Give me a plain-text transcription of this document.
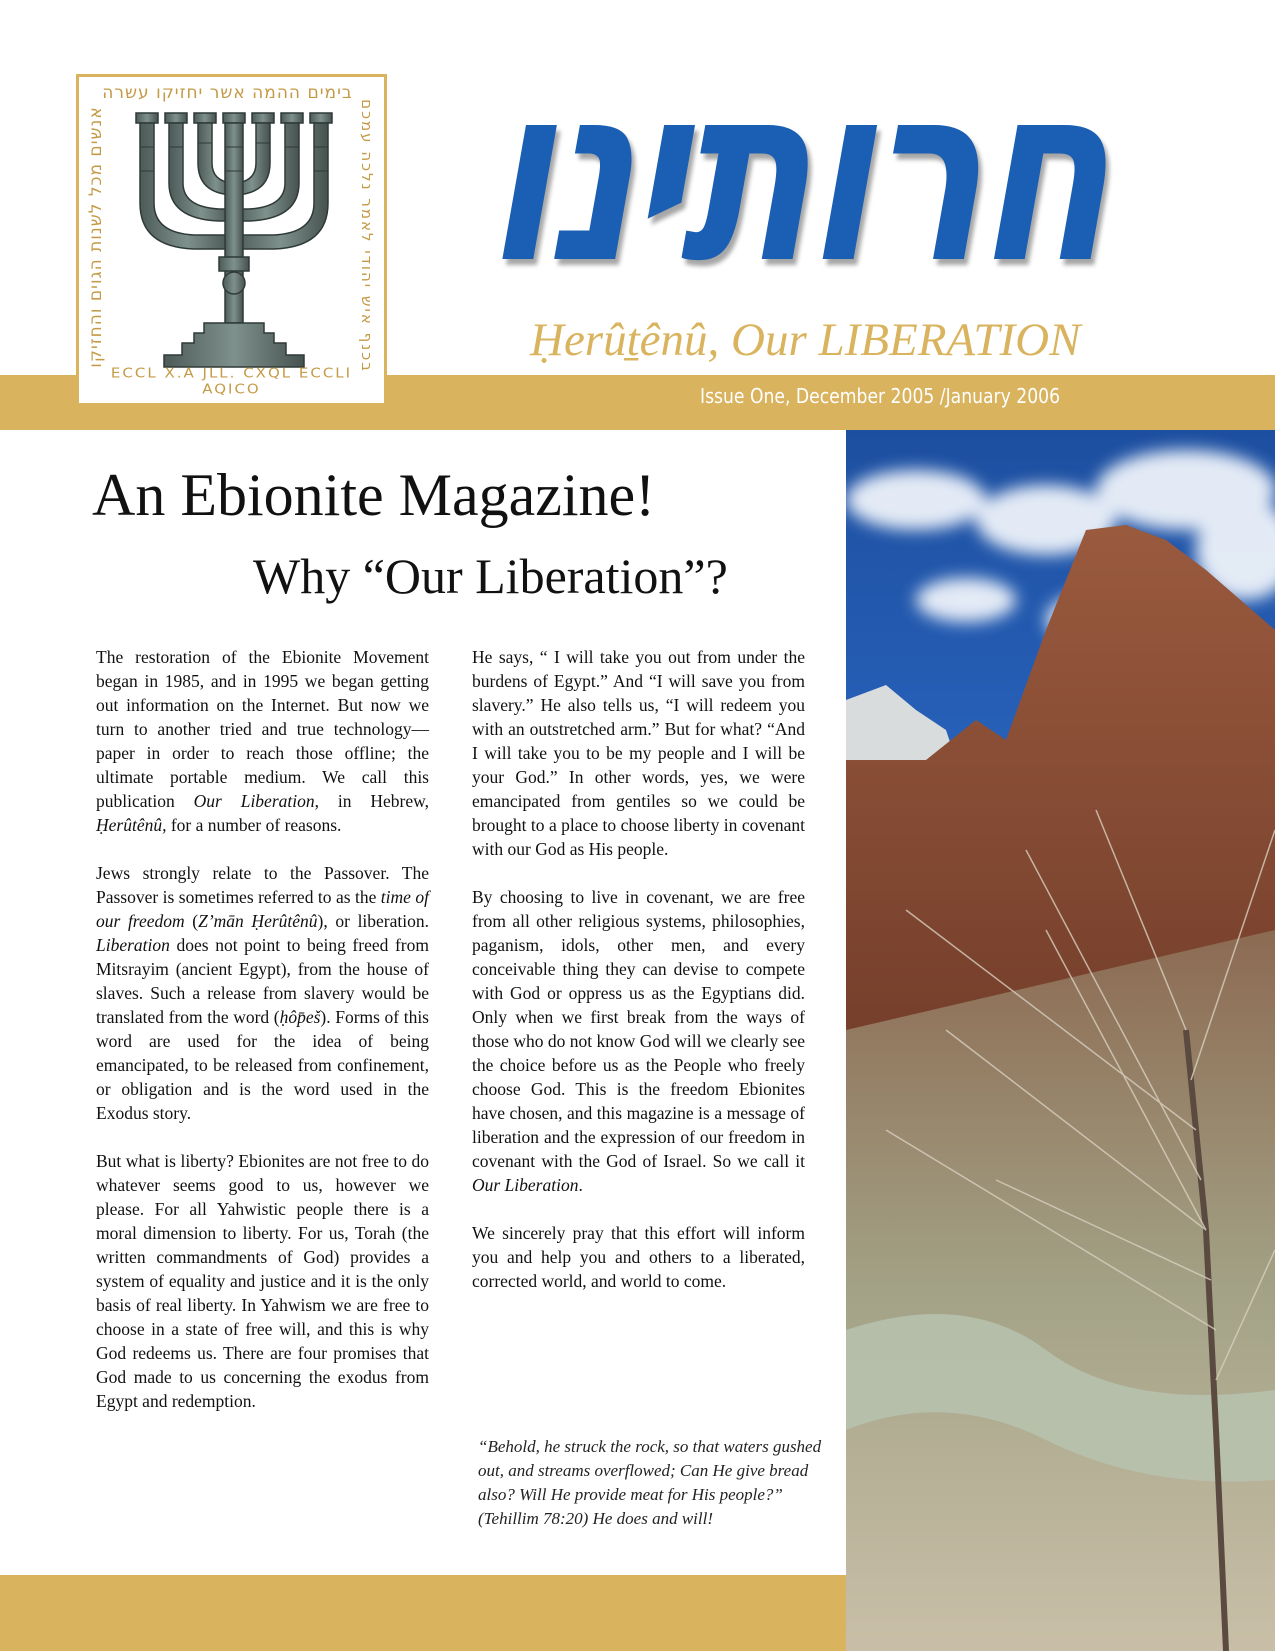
בימים ההמה אשר יחזיקו עשרה
אנשים מכל לשנות הגוים והחזיקו	בכנף איש יהודי לאמר נלכה עמכם
ECCL X.A JLL. CXQL ECCLI AQICO
חרותינו
Ḥerûṯênû, Our LIBERATION
Issue One, December 2005 /January 2006
An Ebionite Magazine!
Why “Our Liberation”?

The restoration of the Ebionite Movement began in 1985, and in 1995 we began getting out information on the Internet. But now we turn to another tried and true technology—paper in order to reach those offline; the ultimate portable medium. We call this publication Our Liberation, in Hebrew, Ḥerûtênû, for a number of reasons.

Jews strongly relate to the Passover. The Passover is sometimes referred to as the time of our freedom (Z’mān Ḥerûtênû), or liberation. Liberation does not point to being freed from Mitsrayim (ancient Egypt), from the house of slaves. Such a release from slavery would be translated from the word (ḥôp̄eš). Forms of this word are used for the idea of being emancipated, to be released from confinement, or obligation and is the word used in the Exodus story.

But what is liberty? Ebionites are not free to do whatever seems good to us, however we please. For all Yahwistic people there is a moral dimension to liberty. For us, Torah (the written commandments of God) provides a system of equality and justice and it is the only basis of real liberty. In Yahwism we are free to choose in a state of free will, and this is why God redeems us. There are four promises that God made to us concerning the exodus from Egypt and redemption.

He says, “ I will take you out from under the burdens of Egypt.” And “I will save you from slavery.” He also tells us, “I will redeem you with an outstretched arm.” But for what? “And I will take you to be my people and I will be your God.” In other words, yes, we were emancipated from gentiles so we could be brought to a place to choose liberty in covenant with our God as His people.

By choosing to live in covenant, we are free from all other religious systems, philosophies, paganism, idols, other men, and every conceivable thing they can devise to compete with God or oppress us as the Egyptians did. Only when we first break from the ways of those who do not know God will we clearly see the choice before us as the People who freely choose God. This is the freedom Ebionites have chosen, and this magazine is a message of liberation and the expression of our freedom in covenant with the God of Israel. So we call it Our Liberation.

We sincerely pray that this effort will inform you and help you and others to a liberated, corrected world, and world to come.

“Behold, he struck the rock, so that waters gushed out, and streams overflowed; Can He give bread also? Will He provide meat for His people?” (Tehillim 78:20) He does and will!
